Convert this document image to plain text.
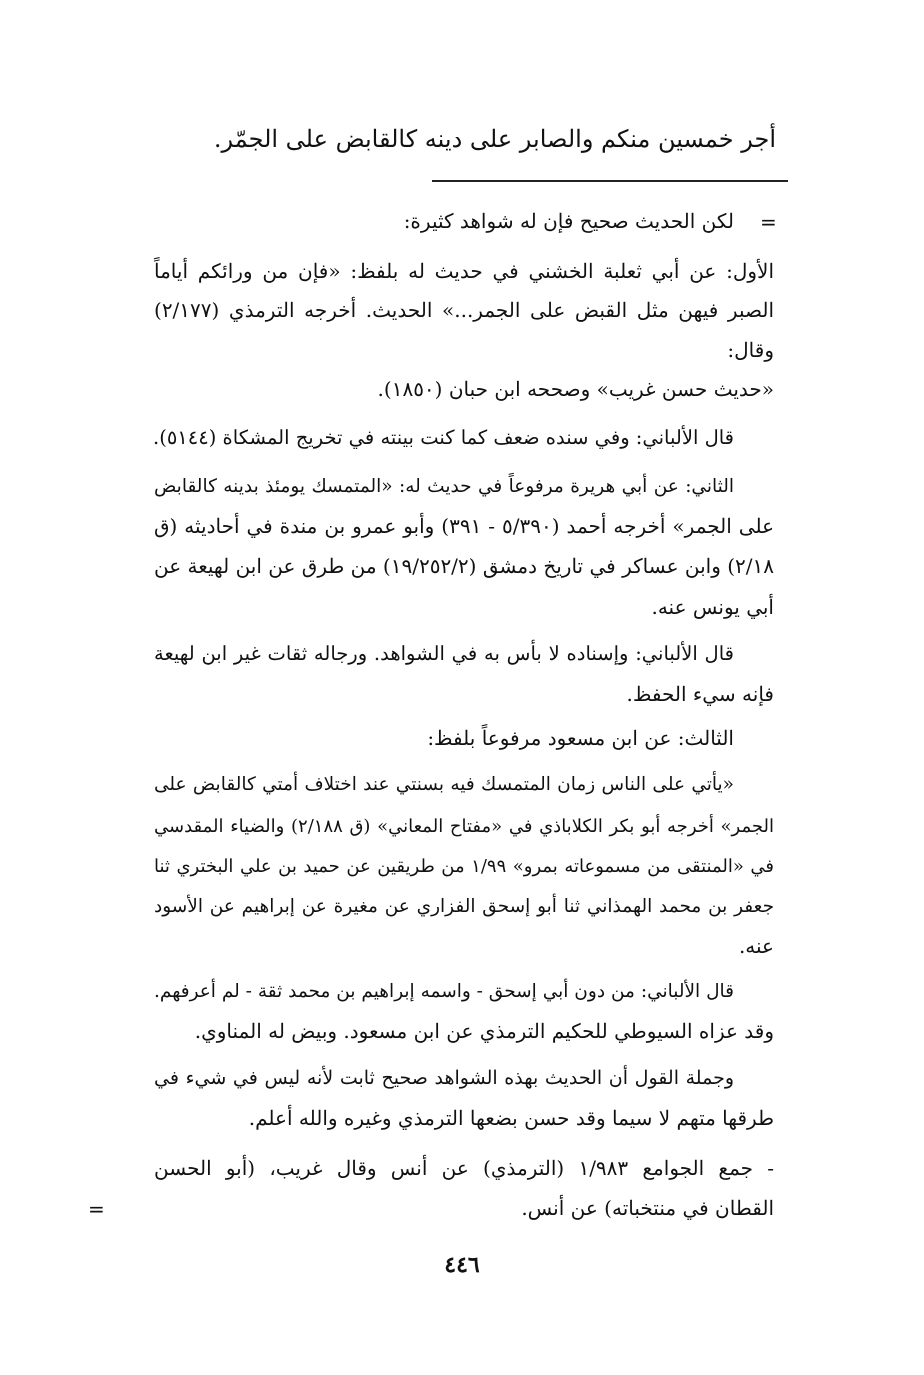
أجر خمسين منكم والصابر على دينه كالقابض على الجمّر.
=
لكن الحديث صحيح فإن له شواهد كثيرة:
الأول: عن أبي ثعلبة الخشني في حديث له بلفظ: «فإن من ورائكم أياماً
الصبر فيهن مثل القبض على الجمر...» الحديث. أخرجه الترمذي (٢/١٧٧)
وقال:
«حديث حسن غريب» وصححه ابن حبان (١٨٥٠).
قال الألباني: وفي سنده ضعف كما كنت بينته في تخريج المشكاة (٥١٤٤).
الثاني: عن أبي هريرة مرفوعاً في حديث له: «المتمسك يومئذ بدينه كالقابض
على الجمر» أخرجه أحمد (٥/٣٩٠ - ٣٩١) وأبو عمرو بن مندة في أحاديثه (ق
٢/١٨) وابن عساكر في تاريخ دمشق (١٩/٢٥٢/٢) من طرق عن ابن لهيعة عن
أبي يونس عنه.
قال الألباني: وإسناده لا بأس به في الشواهد. ورجاله ثقات غير ابن لهيعة
فإنه سيء الحفظ.
الثالث: عن ابن مسعود مرفوعاً بلفظ:
«يأتي على الناس زمان المتمسك فيه بسنتي عند اختلاف أمتي كالقابض على
الجمر» أخرجه أبو بكر الكلاباذي في «مفتاح المعاني» (ق ٢/١٨٨) والضياء المقدسي
في «المنتقى من مسموعاته بمرو» ١/٩٩ من طريقين عن حميد بن علي البختري ثنا
جعفر بن محمد الهمذاني ثنا أبو إسحق الفزاري عن مغيرة عن إبراهيم عن الأسود
عنه.
قال الألباني: من دون أبي إسحق - واسمه إبراهيم بن محمد ثقة - لم أعرفهم.
وقد عزاه السيوطي للحكيم الترمذي عن ابن مسعود. وبيض له المناوي.
وجملة القول أن الحديث بهذه الشواهد صحيح ثابت لأنه ليس في شيء في
طرقها متهم لا سيما وقد حسن بضعها الترمذي وغيره والله أعلم.
- جمع الجوامع ١/٩٨٣ (الترمذي) عن أنس وقال غريب، (أبو الحسن
القطان في منتخباته) عن أنس.
=
٤٤٦
